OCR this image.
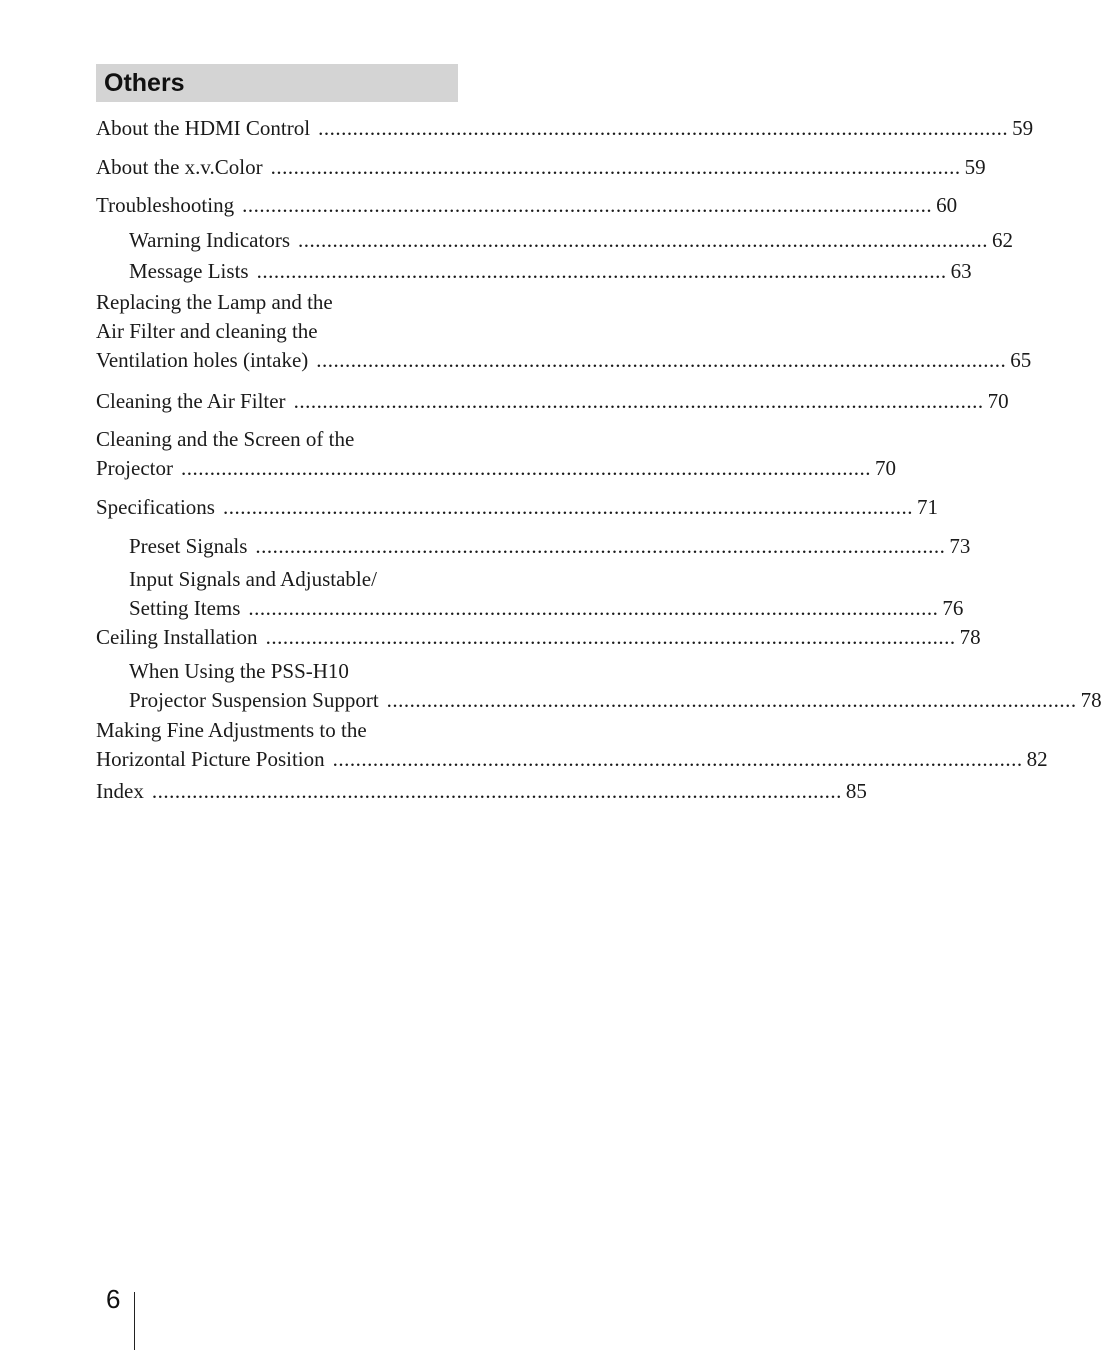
Others
About the HDMI Control ........................................................................................................................ 59
About the x.v.Color ........................................................................................................................ 59
Troubleshooting ........................................................................................................................ 60
Warning Indicators ........................................................................................................................ 62
Message Lists ........................................................................................................................ 63
Replacing the Lamp and the
Air Filter and cleaning the
Ventilation holes (intake) ........................................................................................................................ 65
Cleaning the Air Filter ........................................................................................................................ 70
Cleaning and the Screen of the
Projector ........................................................................................................................ 70
Specifications ........................................................................................................................ 71
Preset Signals ........................................................................................................................ 73
Input Signals and Adjustable/
Setting Items ........................................................................................................................ 76
Ceiling Installation ........................................................................................................................ 78
When Using the PSS-H10
Projector Suspension Support ........................................................................................................................ 78
Making Fine Adjustments to the
Horizontal Picture Position ........................................................................................................................ 82
Index ........................................................................................................................ 85
6
